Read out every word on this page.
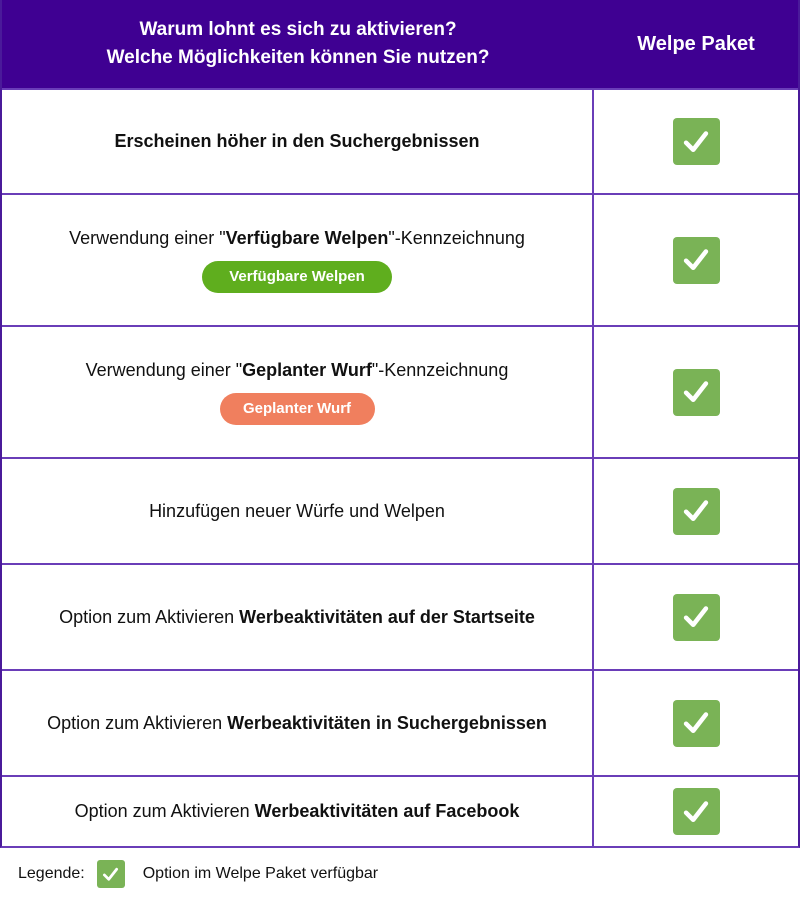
Warum lohnt es sich zu aktivieren?
Welche Möglichkeiten können Sie nutzen?
Welpe Paket
Erscheinen höher in den Suchergebnissen
Verwendung einer "Verfügbare Welpen"-Kennzeichnung
Verfügbare Welpen
Verwendung einer "Geplanter Wurf"-Kennzeichnung
Geplanter Wurf
Hinzufügen neuer Würfe und Welpen
Option zum Aktivieren Werbeaktivitäten auf der Startseite
Option zum Aktivieren Werbeaktivitäten in Suchergebnissen
Option zum Aktivieren Werbeaktivitäten auf Facebook
Legende:	Option im Welpe Paket verfügbar
